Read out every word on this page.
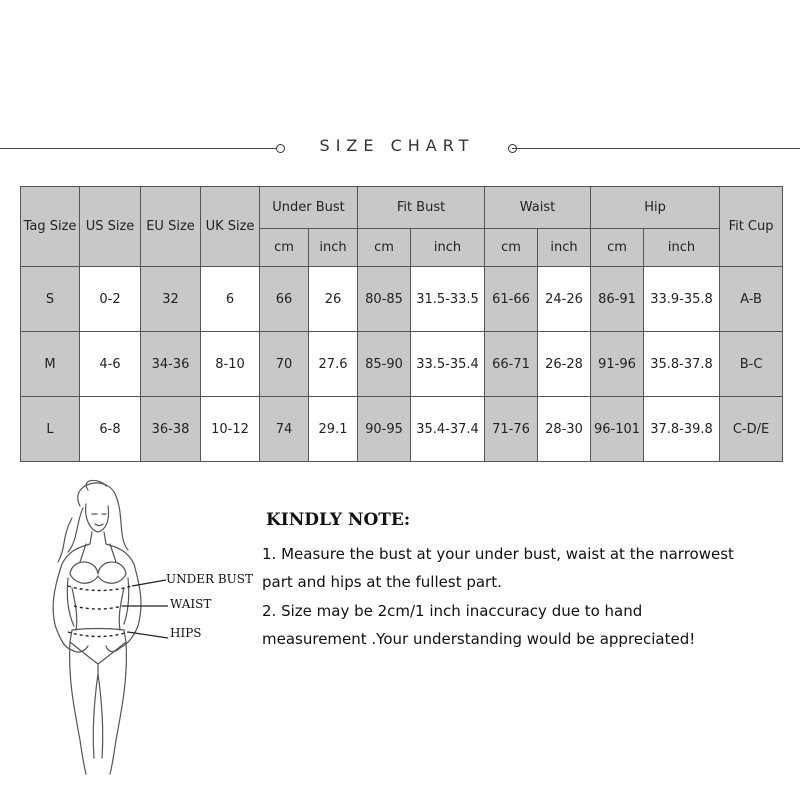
SIZE CHART
Tag Size	US Size	EU Size	UK Size	Under Bust		Fit Bust		Waist		Hip		Fit Cup
				cm	inch	cm	inch	cm	inch	cm	inch	
S	0-2	32	6	66	26	80-85	31.5-33.5	61-66	24-26	86-91	33.9-35.8	A-B
M	4-6	34-36	8-10	70	27.6	85-90	33.5-35.4	66-71	26-28	91-96	35.8-37.8	B-C
L	6-8	36-38	10-12	74	29.1	90-95	35.4-37.4	71-76	28-30	96-101	37.8-39.8	C-D/E
UNDER BUST
WAIST
HIPS
KINDLY NOTE:
1. Measure the bust at your under bust, waist at the narrowest
part and hips at the fullest part.
2. Size may be 2cm/1 inch inaccuracy due to hand
measurement .Your understanding would be appreciated!
